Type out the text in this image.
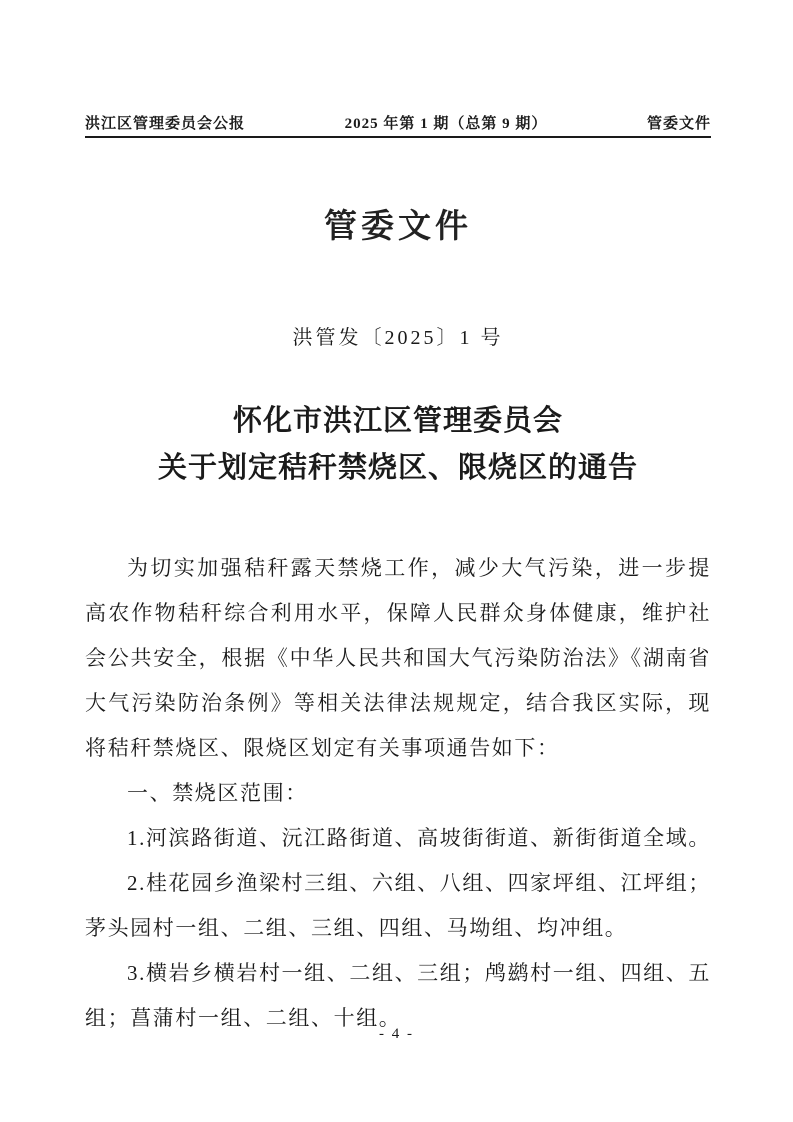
洪江区管理委员会公报	2025 年第 1 期（总第 9 期）	管委文件
管委文件
洪管发〔2025〕1 号
怀化市洪江区管理委员会
关于划定秸秆禁烧区、限烧区的通告

为切实加强秸秆露天禁烧工作，减少大气污染，进一步提高农作物秸秆综合利用水平，保障人民群众身体健康，维护社会公共安全，根据《中华人民共和国大气污染防治法》《湖南省大气污染防治条例》等相关法律法规规定，结合我区实际，现将秸秆禁烧区、限烧区划定有关事项通告如下：

一、禁烧区范围：

1.河滨路街道、沅江路街道、高坡街街道、新街街道全域。

2.桂花园乡渔梁村三组、六组、八组、四家坪组、江坪组；茅头园村一组、二组、三组、四组、马坳组、均冲组。

3.横岩乡横岩村一组、二组、三组；鸬鹚村一组、四组、五组；菖蒲村一组、二组、十组。

- 4 -
